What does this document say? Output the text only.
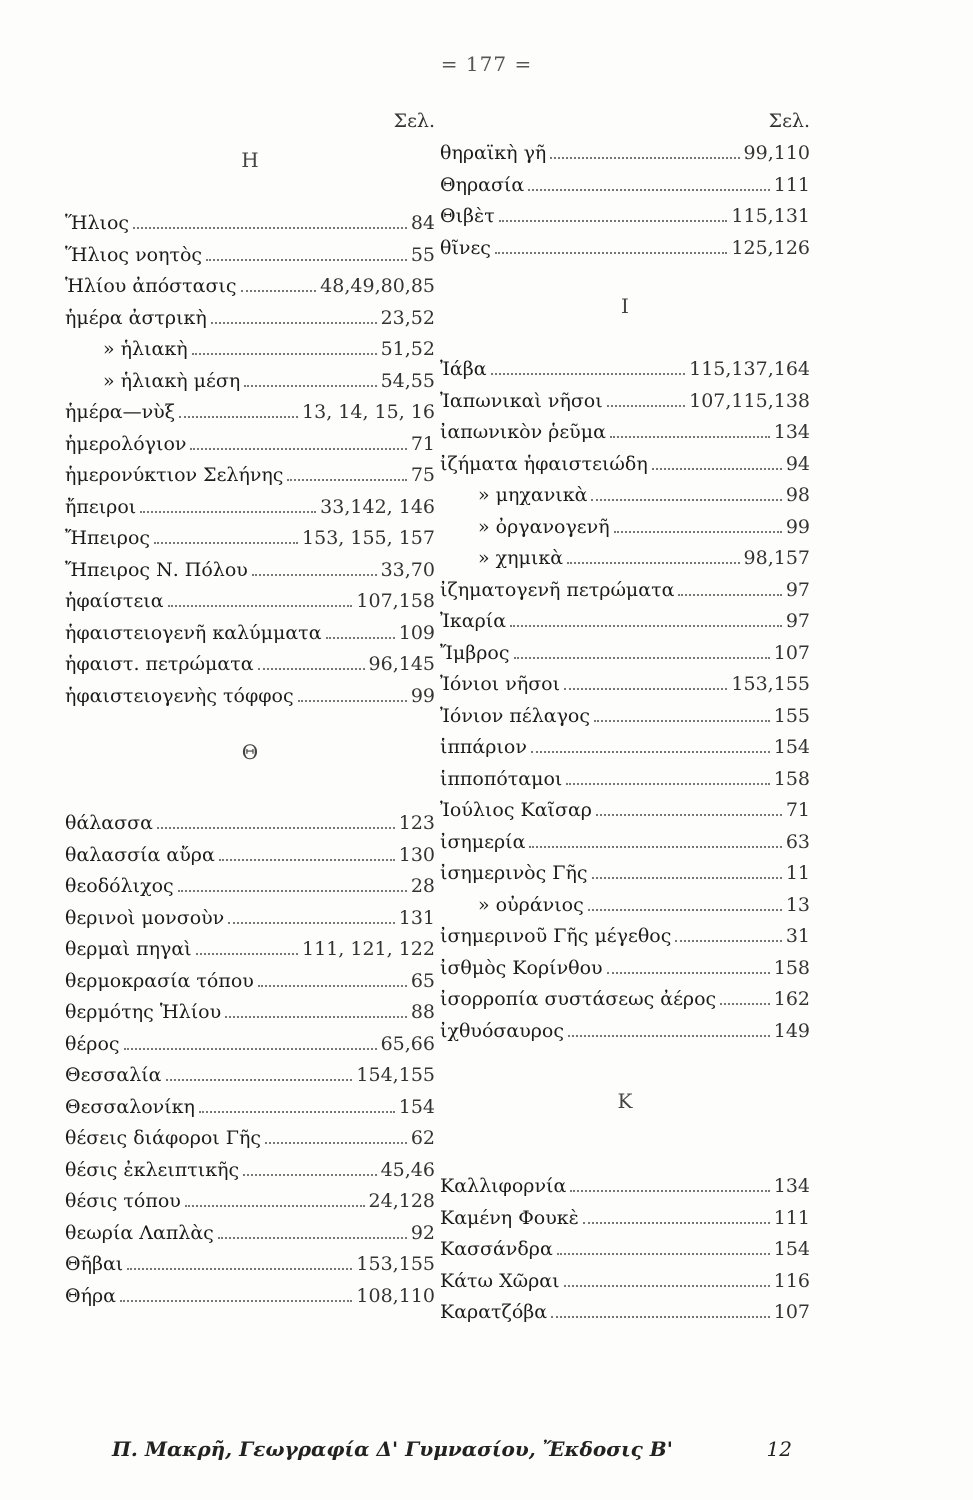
= 177 =
Σελ.
Η
Ἥλιος	84
Ἥλιος νοητὸς	55
Ἡλίου ἀπόστασις	48,49,80,85
ἡμέρα ἀστρικὴ	23,52
» ἡλιακὴ	51,52
» ἡλιακὴ μέση	54,55
ἡμέρα—νὺξ	13, 14, 15, 16
ἡμερολόγιον	71
ἡμερονύκτιον Σελήνης	75
ἤπειροι	33,142, 146
Ἤπειρος	153, 155, 157
Ἤπειρος Ν. Πόλου	33,70
ἡφαίστεια	107,158
ἡφαιστειογενῆ καλύμματα	109
ἡφαιστ. πετρώματα	96,145
ἡφαιστειογενὴς τόφφος	99
Θ
θάλασσα	123
θαλασσία αὔρα	130
θεοδόλιχος	28
θερινοὶ μονσοὺν	131
θερμαὶ πηγαὶ	111, 121, 122
θερμοκρασία τόπου	65
θερμότης Ἡλίου	88
θέρος	65,66
Θεσσαλία	154,155
Θεσσαλονίκη	154
θέσεις διάφοροι Γῆς	62
θέσις ἐκλειπτικῆς	45,46
θέσις τόπου	24,128
θεωρία Λαπλὰς	92
Θῆβαι	153,155
Θήρα	108,110
Σελ.
θηραϊκὴ γῆ	99,110
Θηρασία	111
Θιβὲτ	115,131
θῖνες	125,126
Ι
Ἰάβα	115,137,164
Ἰαπωνικαὶ νῆσοι	107,115,138
ἰαπωνικὸν ῥεῦμα	134
ἰζήματα ἡφαιστειώδη	94
» μηχανικὰ	98
» ὀργανογενῆ	99
» χημικὰ	98,157
ἰζηματογενῆ πετρώματα	97
Ἰκαρία	97
Ἴμβρος	107
Ἰόνιοι νῆσοι	153,155
Ἰόνιον πέλαγος	155
ἱππάριον	154
ἱπποπόταμοι	158
Ἰούλιος Καῖσαρ	71
ἰσημερία	63
ἰσημερινὸς Γῆς	11
» οὐράνιος	13
ἰσημερινοῦ Γῆς μέγεθος	31
ἰσθμὸς Κορίνθου	158
ἰσορροπία συστάσεως ἀέρος	162
ἰχθυόσαυρος	149
Κ
Καλλιφορνία	134
Καμένη Φουκὲ	111
Κασσάνδρα	154
Κάτω Χῶραι	116
Καρατζόβα	107
Π. Μακρῆ, Γεωγραφία Δ' Γυμνασίου, Ἔκδοσις Β'	12
